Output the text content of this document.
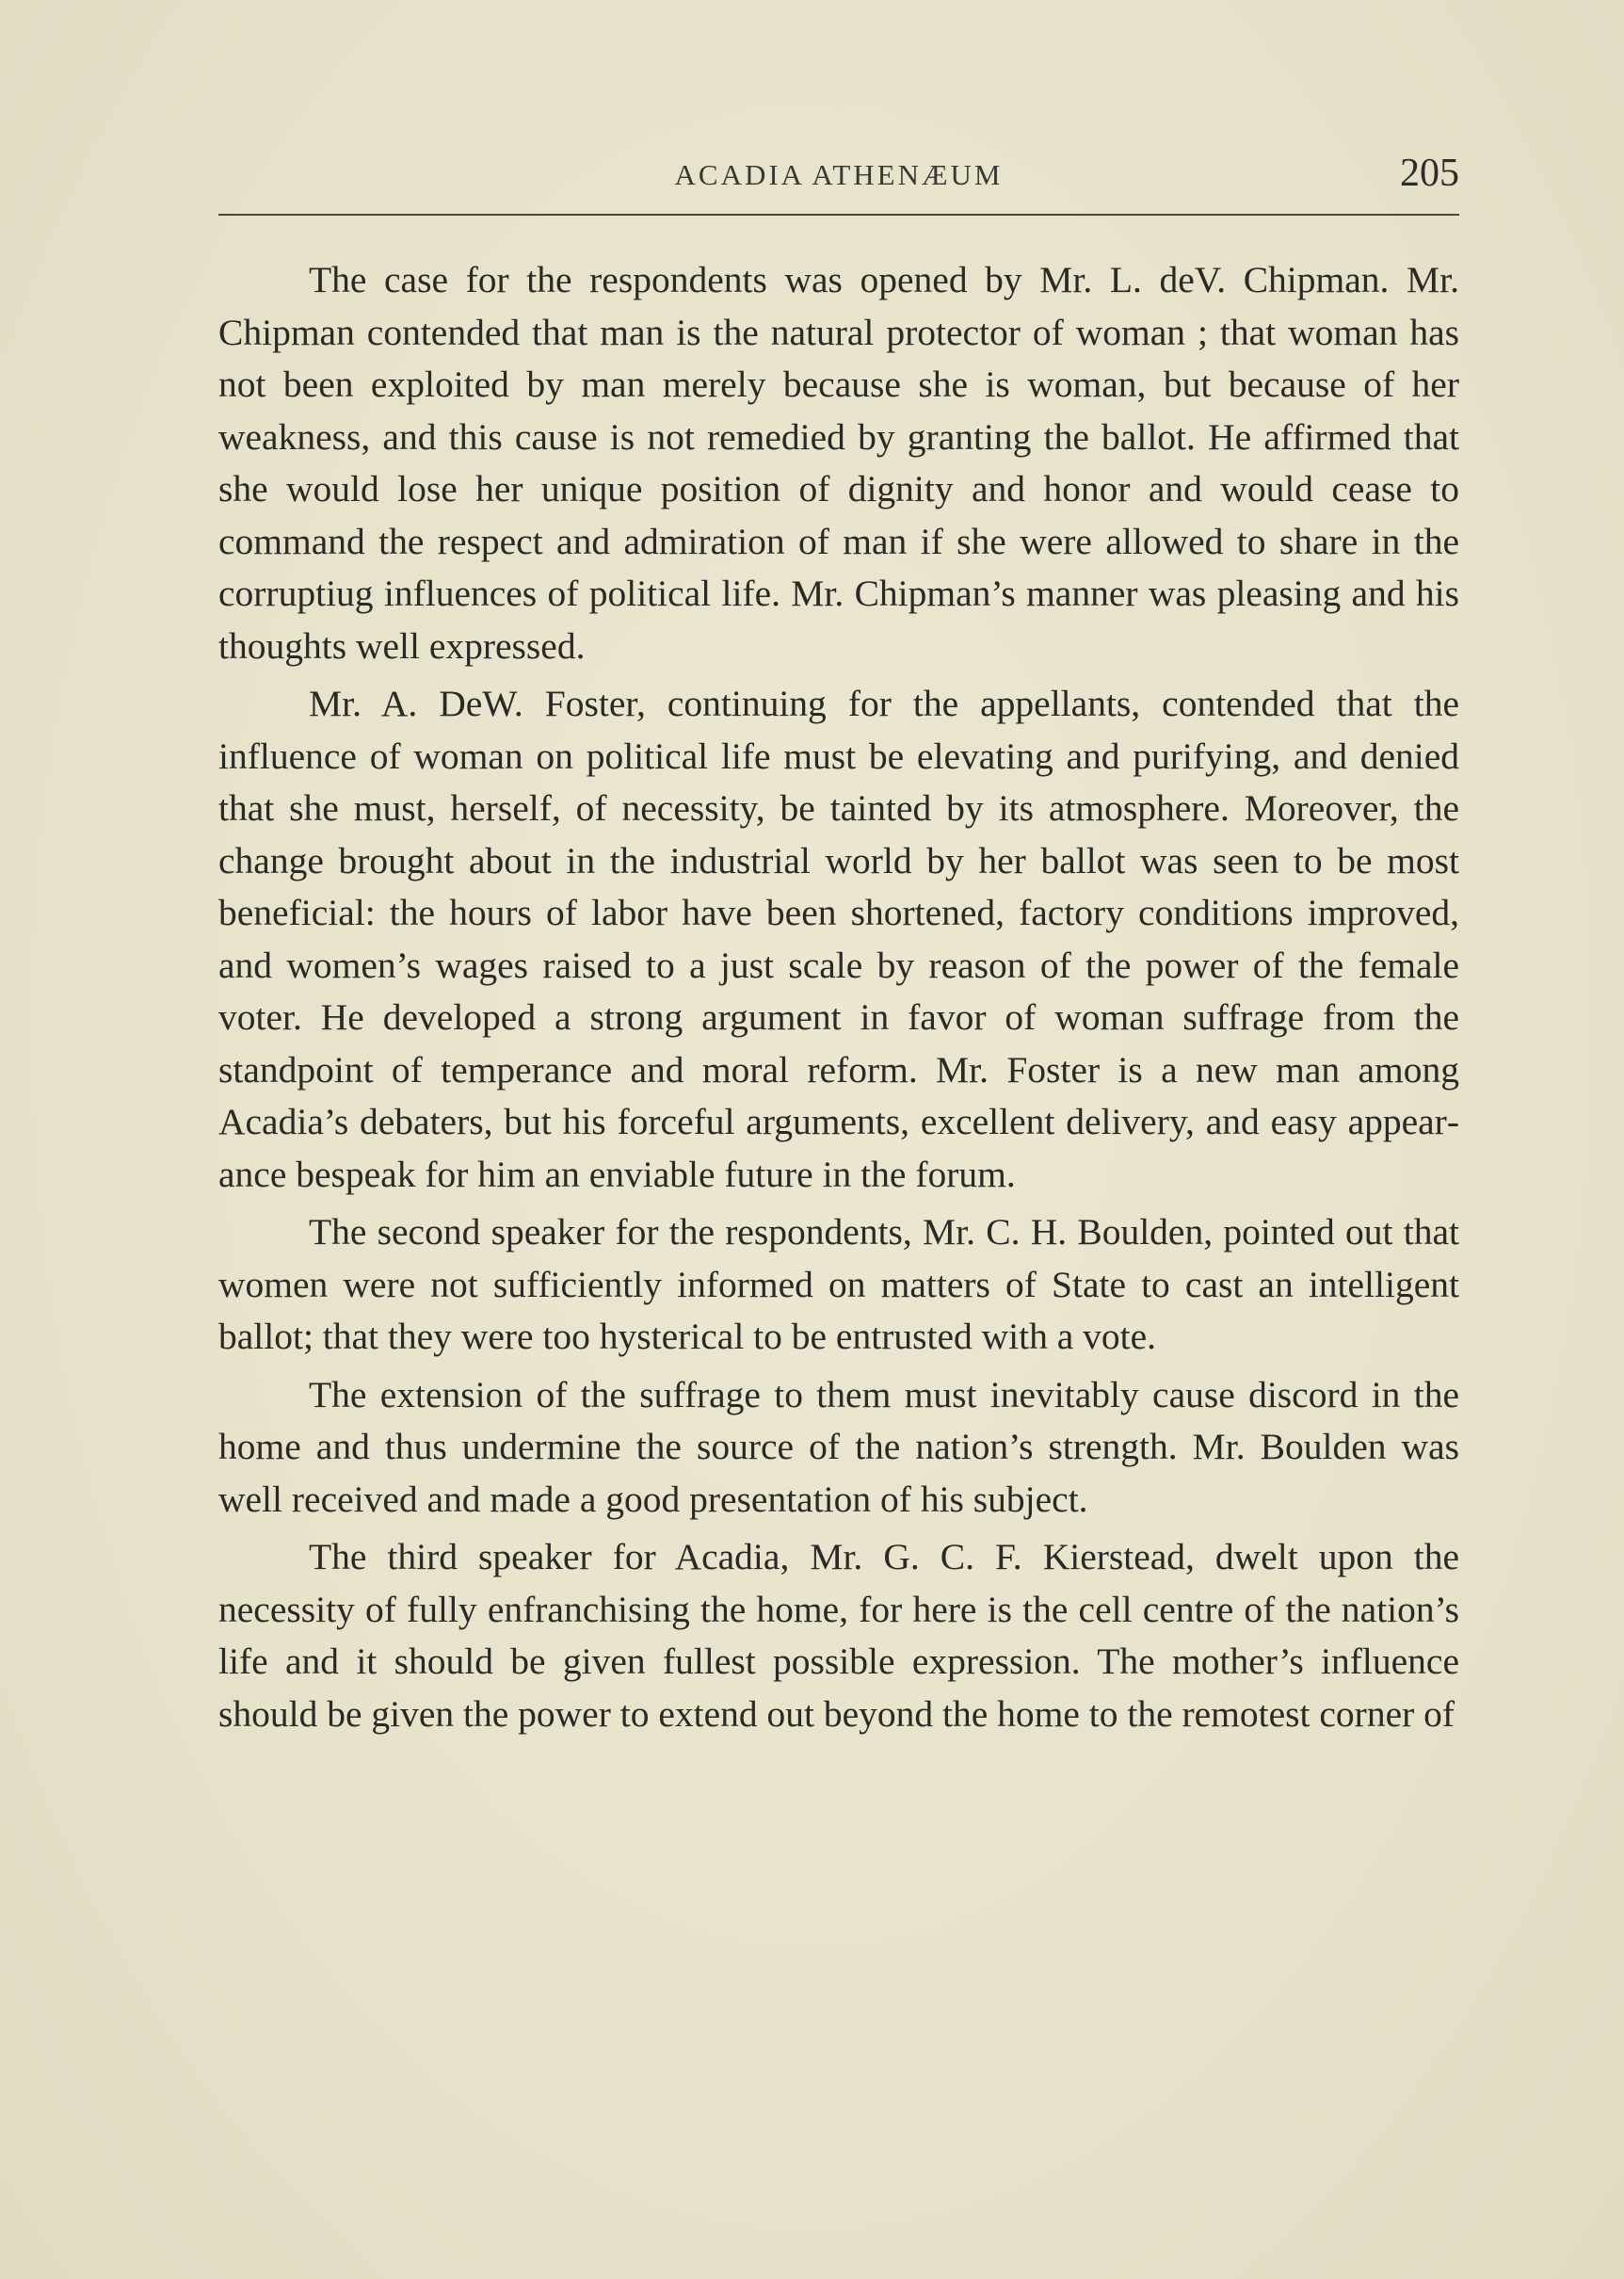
ACADIA ATHENÆUM	205

The case for the respondents was opened by Mr. L. deV. Chipman. Mr. Chipman contended that man is the natural protector of woman ; that woman has not been exploited by man merely because she is woman, but because of her weakness, and this cause is not remedied by granting the ballot. He affirmed that she would lose her unique position of dignity and honor and would cease to command the respect and admiration of man if she were allowed to share in the corruptiug influences of political life. Mr. Chipman’s manner was pleasing and his thoughts well expressed.

Mr. A. DeW. Foster, continuing for the appellants, contended that the influence of woman on political life must be elevating and purifying, and denied that she must, herself, of necessity, be tainted by its atmosphere. Moreover, the change brought about in the industrial world by her ballot was seen to be most beneficial: the hours of labor have been shortened, factory conditions improved, and women’s wages raised to a just scale by reason of the power of the female voter. He developed a strong argument in favor of woman suffrage from the standpoint of temperance and moral reform. Mr. Foster is a new man among Acadia’s debaters, but his forceful arguments, excellent delivery, and easy appearance bespeak for him an enviable future in the forum.

The second speaker for the respondents, Mr. C. H. Boulden, pointed out that women were not sufficiently informed on matters of State to cast an intelligent ballot; that they were too hysterical to be entrusted with a vote.

The extension of the suffrage to them must inevitably cause discord in the home and thus undermine the source of the nation’s strength. Mr. Boulden was well received and made a good presentation of his subject.

The third speaker for Acadia, Mr. G. C. F. Kierstead, dwelt upon the necessity of fully enfranchising the home, for here is the cell centre of the nation’s life and it should be given fullest possible expression. The mother’s influence should be given the power to extend out beyond the home to the remotest corner of
